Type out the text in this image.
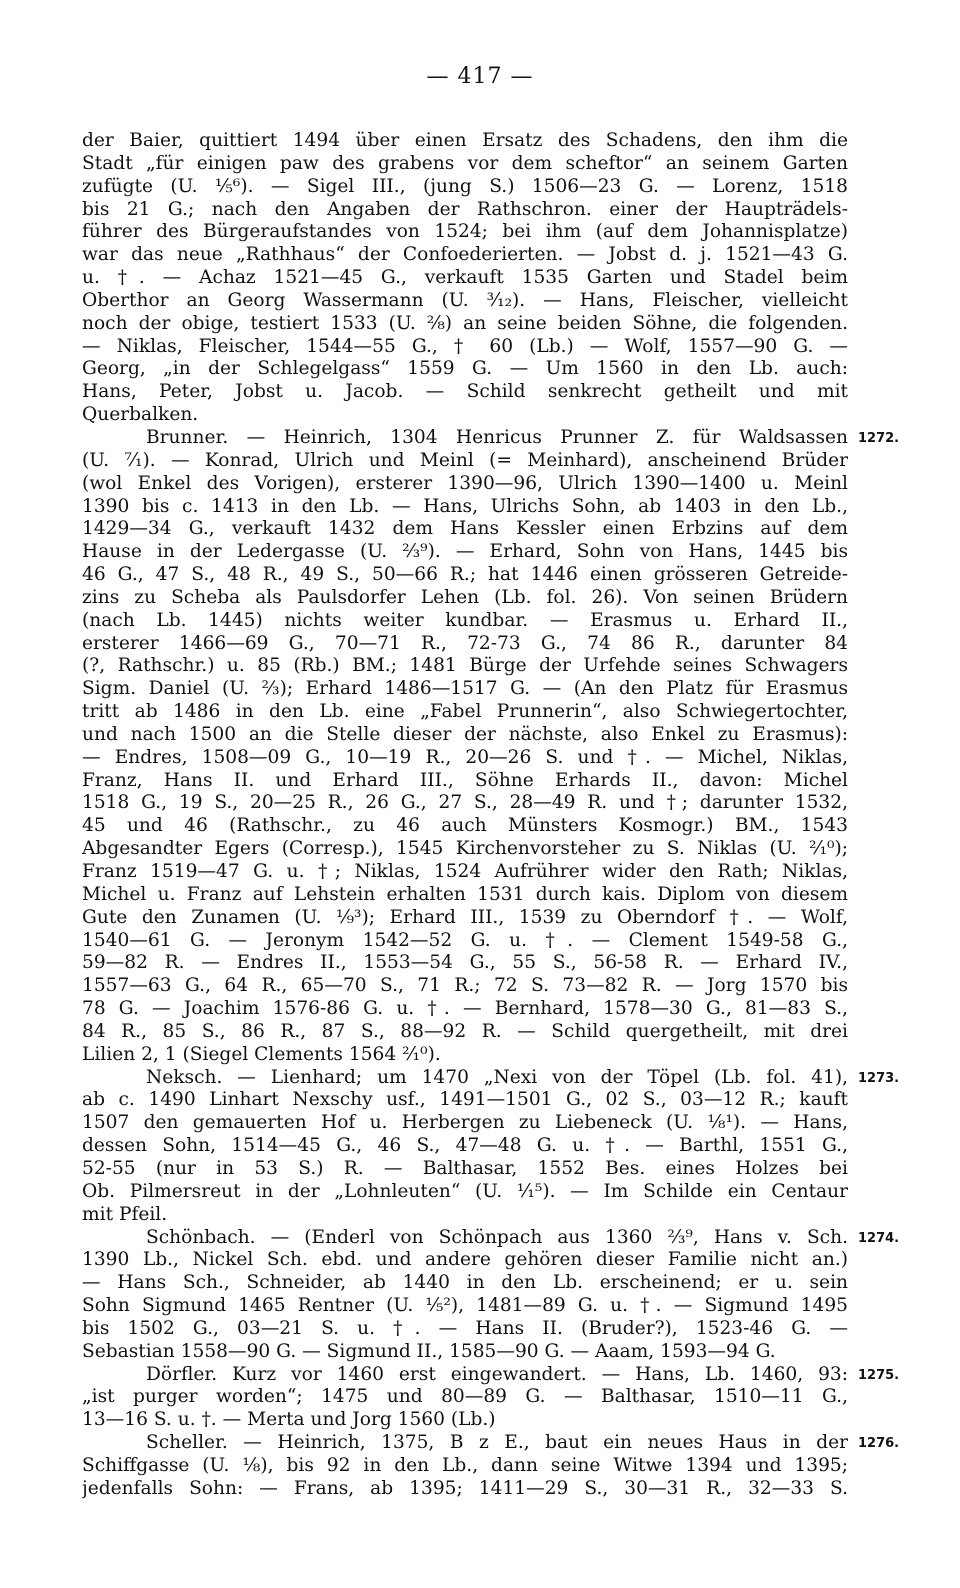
— 417 —
der Baier, quittiert 1494 über einen Ersatz des Schadens, den ihm die
Stadt „für einigen paw des grabens vor dem scheftor“ an seinem Garten
zufügte (U. ⅕⁶). — Sigel III., (jung S.) 1506—23 G. — Lorenz, 1518
bis 21 G.; nach den Angaben der Rathschron. einer der Haupträdels-
führer des Bürgeraufstandes von 1524; bei ihm (auf dem Johannisplatze)
war das neue „Rathhaus“ der Confoederierten. — Jobst d. j. 1521—43 G.
u. †. — Achaz 1521—45 G., verkauft 1535 Garten und Stadel beim
Oberthor an Georg Wassermann (U. ³⁄₁₂). — Hans, Fleischer, vielleicht
noch der obige, testiert 1533 (U. ²⁄₈) an seine beiden Söhne, die folgenden.
— Niklas, Fleischer, 1544—55 G., † 60 (Lb.) — Wolf, 1557—90 G. —
Georg, „in der Schlegelgass“ 1559 G. — Um 1560 in den Lb. auch:
Hans, Peter, Jobst u. Jacob. — Schild senkrecht getheilt und mit
Querbalken.
Brunner. — Heinrich, 1304 Henricus Prunner Z. für Waldsassen
(U. ⁷⁄₁). — Konrad, Ulrich und Meinl (= Meinhard), anscheinend Brüder
(wol Enkel des Vorigen), ersterer 1390—96, Ulrich 1390—1400 u. Meinl
1390 bis c. 1413 in den Lb. — Hans, Ulrichs Sohn, ab 1403 in den Lb.,
1429—34 G., verkauft 1432 dem Hans Kessler einen Erbzins auf dem
Hause in der Ledergasse (U. ²⁄₃⁹). — Erhard, Sohn von Hans, 1445 bis
46 G., 47 S., 48 R., 49 S., 50—66 R.; hat 1446 einen grösseren Getreide-
zins zu Scheba als Paulsdorfer Lehen (Lb. fol. 26). Von seinen Brüdern
(nach Lb. 1445) nichts weiter kundbar. — Erasmus u. Erhard II.,
ersterer 1466—69 G., 70—71 R., 72-73 G., 74 86 R., darunter 84
(?, Rathschr.) u. 85 (Rb.) BM.; 1481 Bürge der Urfehde seines Schwagers
Sigm. Daniel (U. ⅔); Erhard 1486—1517 G. — (An den Platz für Erasmus
tritt ab 1486 in den Lb. eine „Fabel Prunnerin“, also Schwiegertochter,
und nach 1500 an die Stelle dieser der nächste, also Enkel zu Erasmus):
— Endres, 1508—09 G., 10—19 R., 20—26 S. und †. — Michel, Niklas,
Franz, Hans II. und Erhard III., Söhne Erhards II., davon: Michel
1518 G., 19 S., 20—25 R., 26 G., 27 S., 28—49 R. und †; darunter 1532,
45 und 46 (Rathschr., zu 46 auch Münsters Kosmogr.) BM., 1543
Abgesandter Egers (Corresp.), 1545 Kirchenvorsteher zu S. Niklas (U. ²⁄₁⁰);
Franz 1519—47 G. u. †; Niklas, 1524 Aufrührer wider den Rath; Niklas,
Michel u. Franz auf Lehstein erhalten 1531 durch kais. Diplom von diesem
Gute den Zunamen (U. ¹⁄₉³); Erhard III., 1539 zu Oberndorf †. — Wolf,
1540—61 G. — Jeronym 1542—52 G. u. †. — Clement 1549-58 G.,
59—82 R. — Endres II., 1553—54 G., 55 S., 56-58 R. — Erhard IV.,
1557—63 G., 64 R., 65—70 S., 71 R.; 72 S. 73—82 R. — Jorg 1570 bis
78 G. — Joachim 1576-86 G. u. †. — Bernhard, 1578—30 G., 81—83 S.,
84 R., 85 S., 86 R., 87 S., 88—92 R. — Schild quergetheilt, mit drei
Lilien 2, 1 (Siegel Clements 1564 ²⁄₁⁰).
Neksch. — Lienhard; um 1470 „Nexi von der Töpel (Lb. fol. 41),
ab c. 1490 Linhart Nexschy usf., 1491—1501 G., 02 S., 03—12 R.; kauft
1507 den gemauerten Hof u. Herbergen zu Liebeneck (U. ¹⁄₈¹). — Hans,
dessen Sohn, 1514—45 G., 46 S., 47—48 G. u. †. — Barthl, 1551 G.,
52-55 (nur in 53 S.) R. — Balthasar, 1552 Bes. eines Holzes bei
Ob. Pilmersreut in der „Lohnleuten“ (U. ¹⁄₁⁵). — Im Schilde ein Centaur
mit Pfeil.
Schönbach. — (Enderl von Schönpach aus 1360 ²⁄₃⁹, Hans v. Sch.
1390 Lb., Nickel Sch. ebd. und andere gehören dieser Familie nicht an.)
— Hans Sch., Schneider, ab 1440 in den Lb. erscheinend; er u. sein
Sohn Sigmund 1465 Rentner (U. ¹⁄₅²), 1481—89 G. u. †. — Sigmund 1495
bis 1502 G., 03—21 S. u. †. — Hans II. (Bruder?), 1523-46 G. —
Sebastian 1558—90 G. — Sigmund II., 1585—90 G. — Aaam, 1593—94 G.
Dörfler. Kurz vor 1460 erst eingewandert. — Hans, Lb. 1460, 93:
„ist purger worden“; 1475 und 80—89 G. — Balthasar, 1510—11 G.,
13—16 S. u. †. — Merta und Jorg 1560 (Lb.)
Scheller. — Heinrich, 1375, B z E., baut ein neues Haus in der
Schiffgasse (U. ⅛), bis 92 in den Lb., dann seine Witwe 1394 und 1395;
jedenfalls Sohn: — Frans, ab 1395; 1411—29 S., 30—31 R., 32—33 S.
1272.
1273.
1274.
1275.
1276.
